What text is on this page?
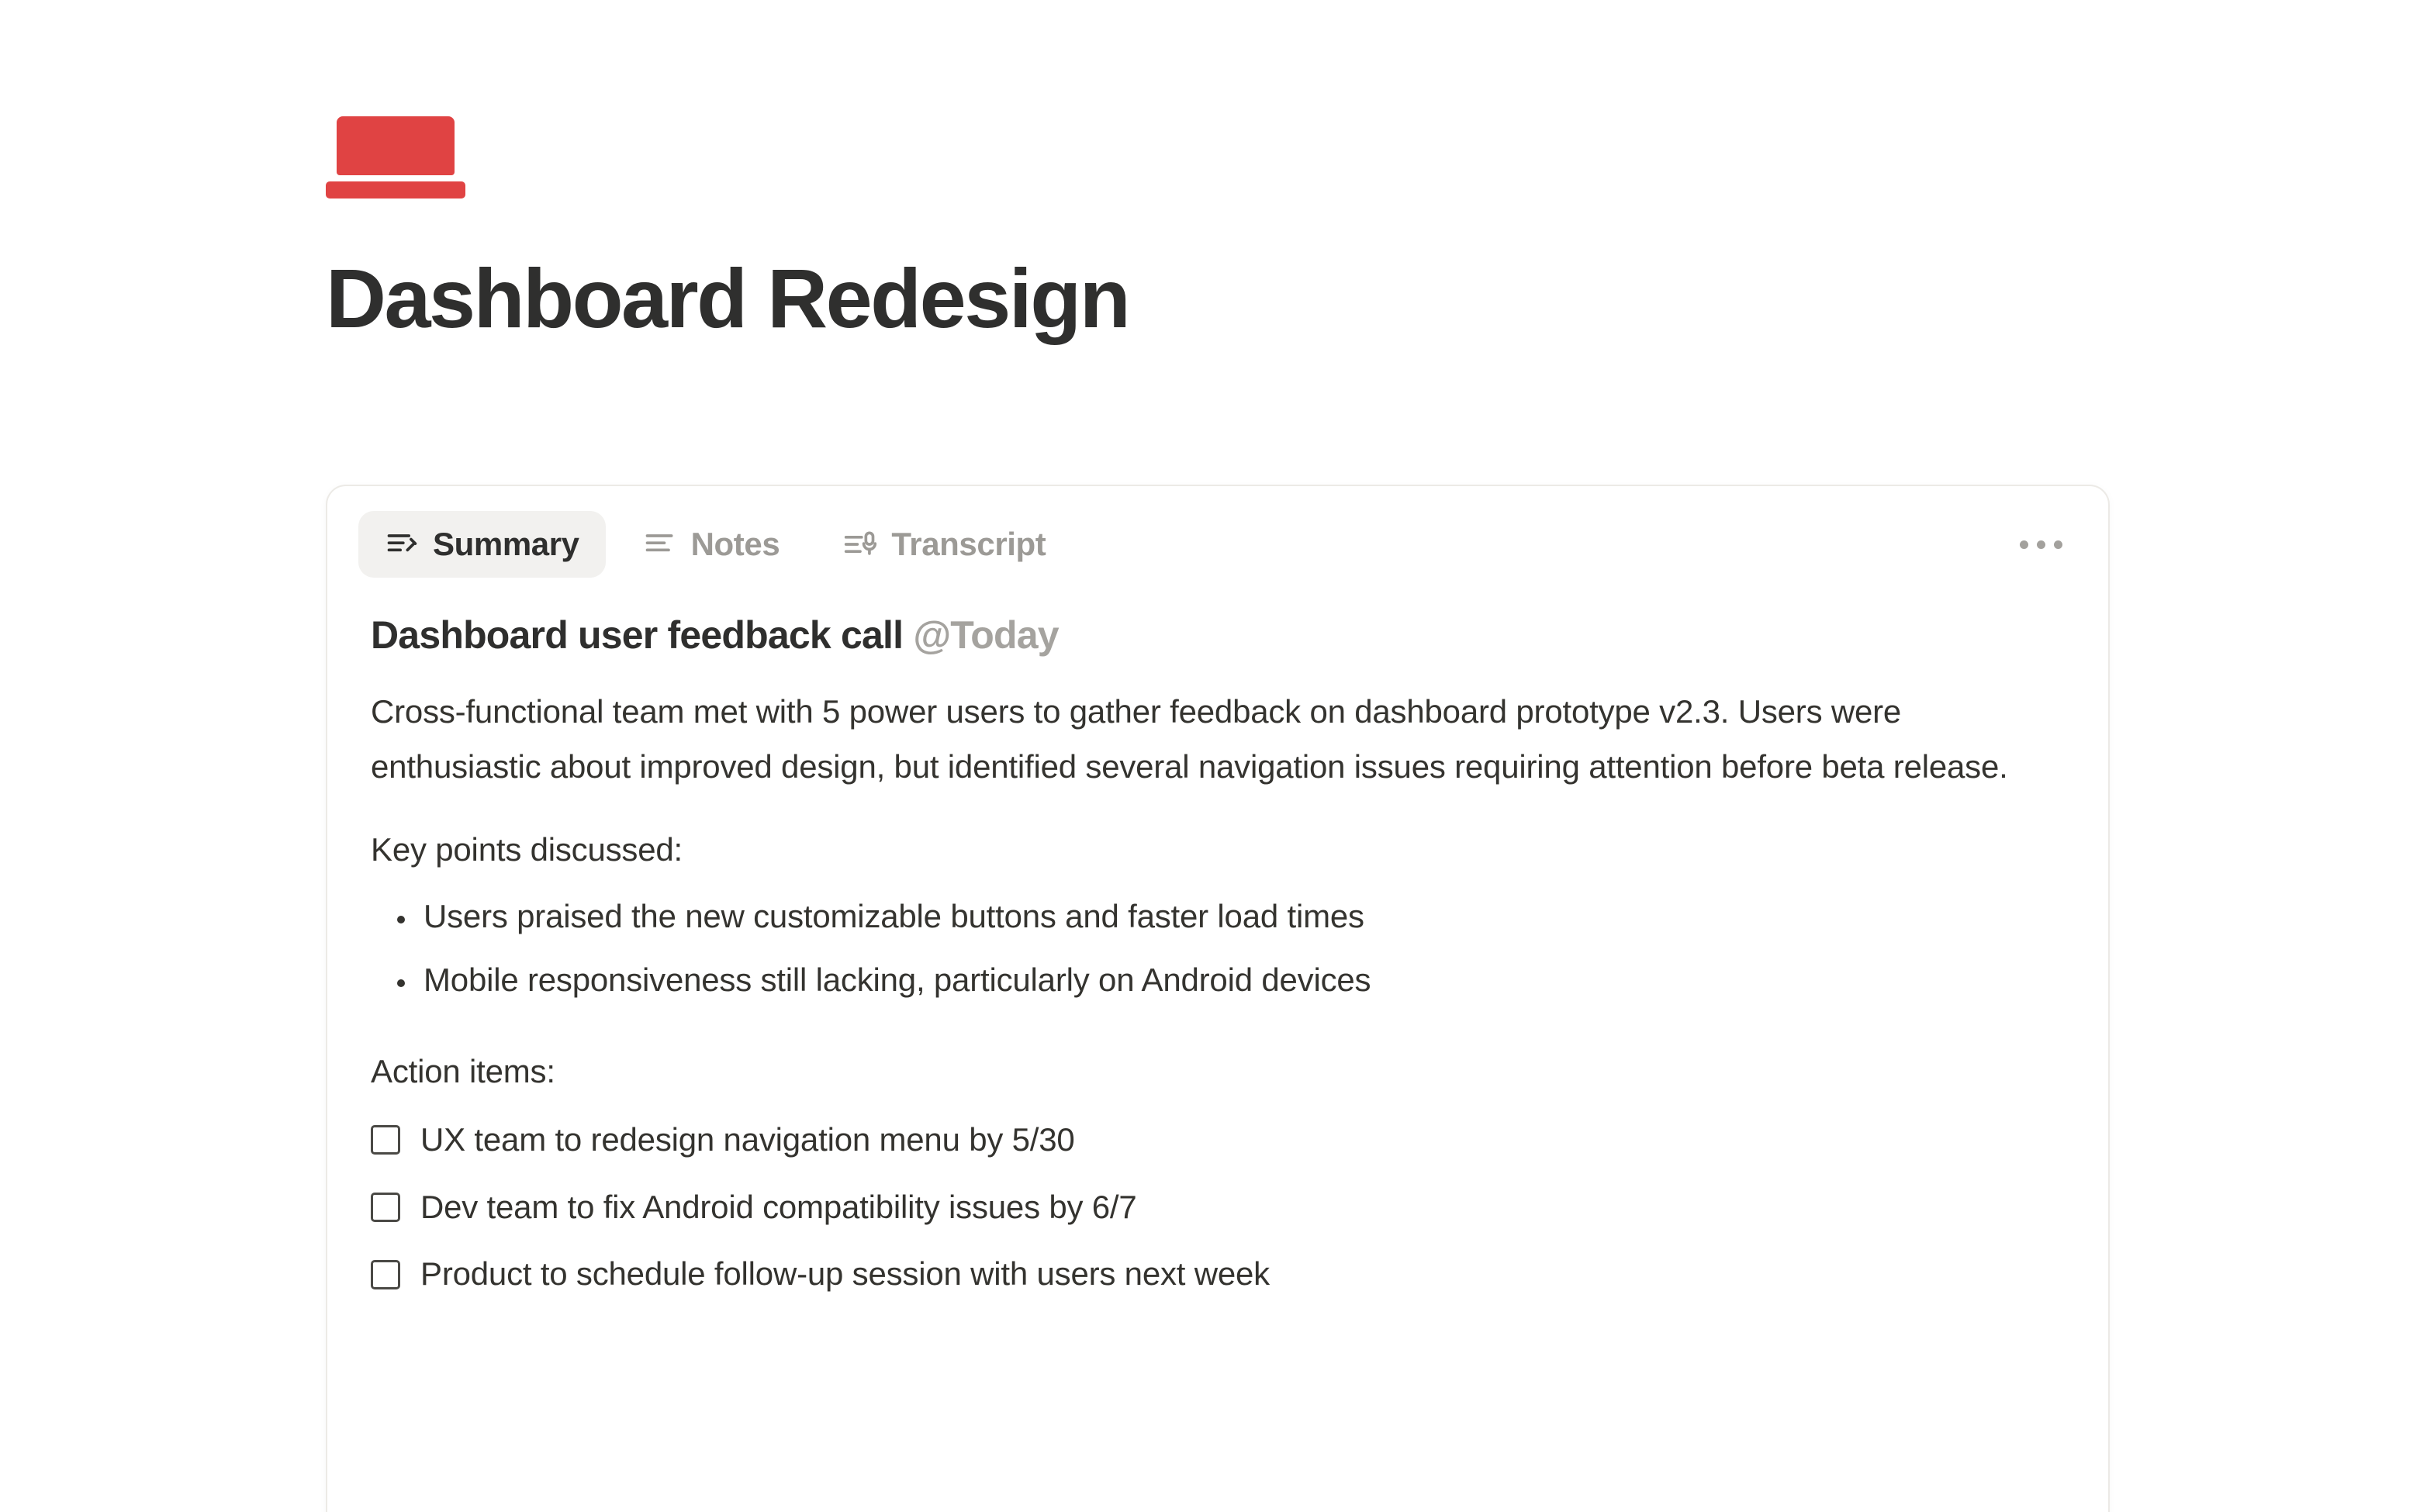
Dashboard Redesign
Summary	Notes	Transcript
Dashboard user feedback call @Today

Cross-functional team met with 5 power users to gather feedback on dashboard prototype v2.3. Users were enthusiastic about improved design, but identified several navigation issues requiring attention before beta release.

Key points discussed:
Users praised the new customizable buttons and faster load times
Mobile responsiveness still lacking, particularly on Android devices
Action items:
UX team to redesign navigation menu by 5/30
Dev team to fix Android compatibility issues by 6/7
Product to schedule follow-up session with users next week
